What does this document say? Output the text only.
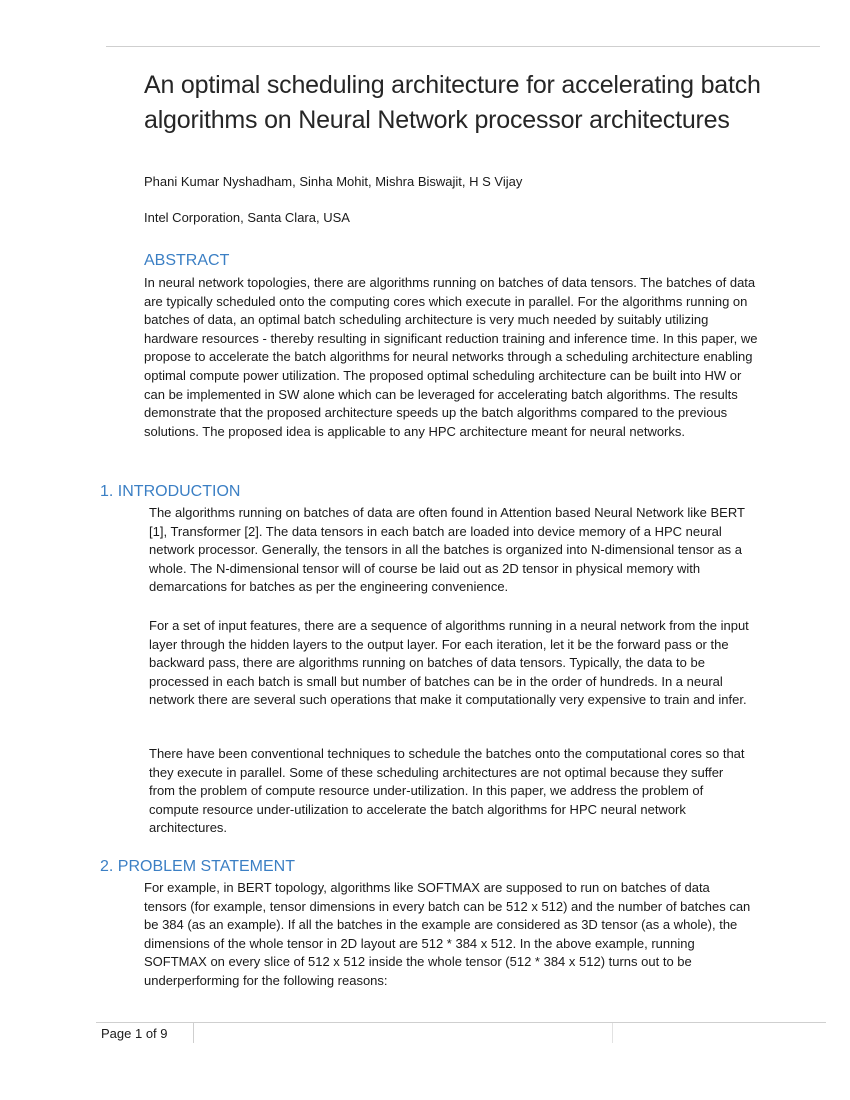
An optimal scheduling architecture for accelerating batch algorithms on Neural Network processor architectures
Phani Kumar Nyshadham, Sinha Mohit, Mishra Biswajit, H S Vijay
Intel Corporation, Santa Clara, USA
ABSTRACT

In neural network topologies, there are algorithms running on batches of data tensors. The batches of data are typically scheduled onto the computing cores which execute in parallel. For the algorithms running on batches of data, an optimal batch scheduling architecture is very much needed by suitably utilizing hardware resources - thereby resulting in significant reduction training and inference time. In this paper, we propose to accelerate the batch algorithms for neural networks through a scheduling architecture enabling optimal compute power utilization. The proposed optimal scheduling architecture can be built into HW or can be implemented in SW alone which can be leveraged for accelerating batch algorithms. The results demonstrate that the proposed architecture speeds up the batch algorithms compared to the previous solutions. The proposed idea is applicable to any HPC architecture meant for neural networks.

1. INTRODUCTION

The algorithms running on batches of data are often found in Attention based Neural Network like BERT [1], Transformer [2]. The data tensors in each batch are loaded into device memory of a HPC neural network processor. Generally, the tensors in all the batches is organized into N-dimensional tensor as a whole. The N-dimensional tensor will of course be laid out as 2D tensor in physical memory with demarcations for batches as per the engineering convenience.

For a set of input features, there are a sequence of algorithms running in a neural network from the input layer through the hidden layers to the output layer. For each iteration, let it be the forward pass or the backward pass, there are algorithms running on batches of data tensors. Typically, the data to be processed in each batch is small but number of batches can be in the order of hundreds. In a neural network there are several such operations that make it computationally very expensive to train and infer.

There have been conventional techniques to schedule the batches onto the computational cores so that they execute in parallel. Some of these scheduling architectures are not optimal because they suffer from the problem of compute resource under-utilization. In this paper, we address the problem of compute resource under-utilization to accelerate the batch algorithms for HPC neural network architectures.

2. PROBLEM STATEMENT

For example, in BERT topology, algorithms like SOFTMAX are supposed to run on batches of data tensors (for example, tensor dimensions in every batch can be 512 x 512) and the number of batches can be 384 (as an example). If all the batches in the example are considered as 3D tensor (as a whole), the dimensions of the whole tensor in 2D layout are 512 * 384 x 512. In the above example, running SOFTMAX on every slice of 512 x 512 inside the whole tensor (512 * 384 x 512) turns out to be underperforming for the following reasons:

Page 1 of 9
